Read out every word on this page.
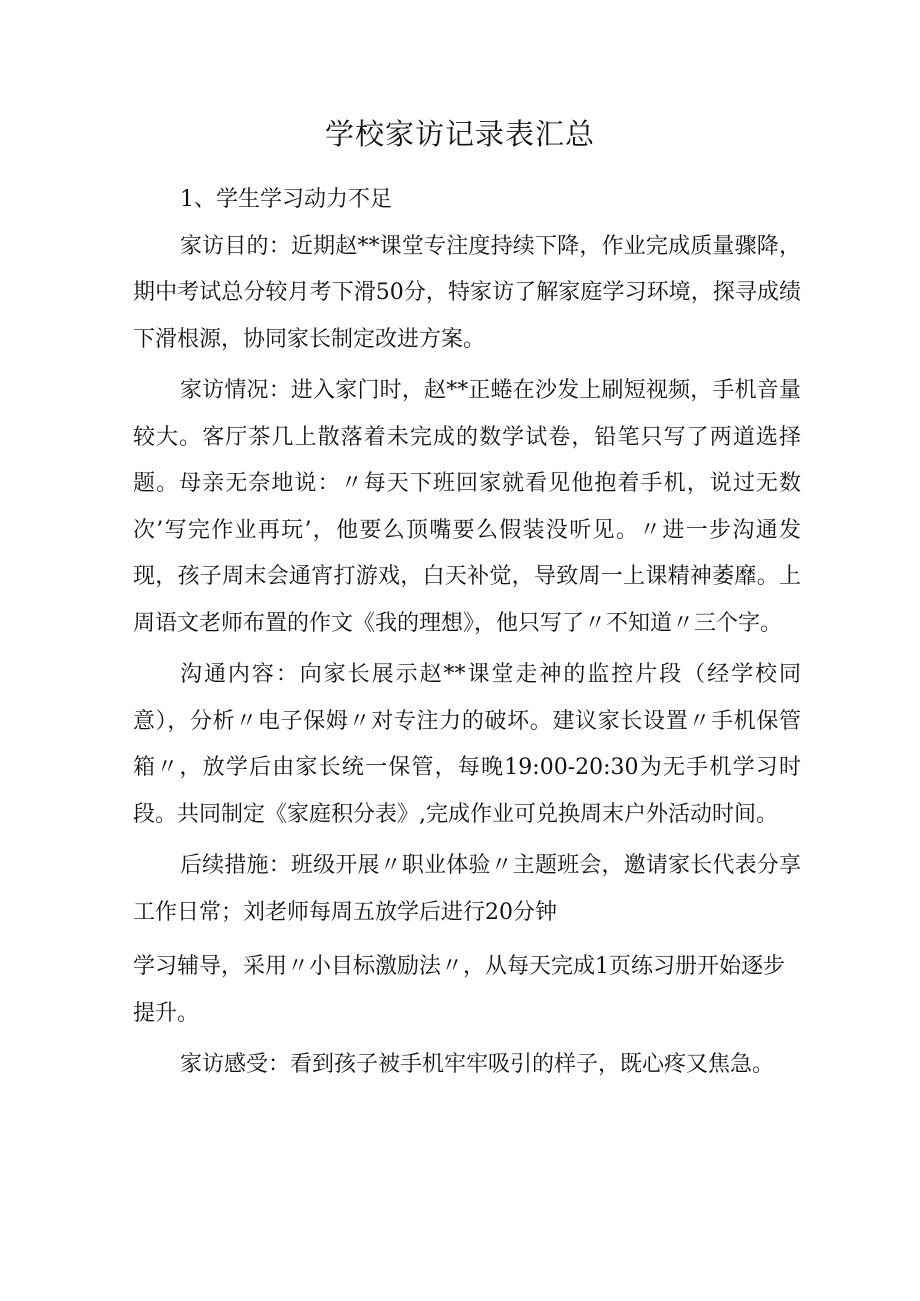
学校家访记录表汇总

1、学生学习动力不足

家访目的：近期赵**课堂专注度持续下降，作业完成质量骤降，期中考试总分较月考下滑50分，特家访了解家庭学习环境，探寻成绩下滑根源，协同家长制定改进方案。

家访情况：进入家门时，赵**正蜷在沙发上刷短视频，手机音量较大。客厅茶几上散落着未完成的数学试卷，铅笔只写了两道选择题。母亲无奈地说：〃每天下班回家就看见他抱着手机，说过无数次’写完作业再玩’，他要么顶嘴要么假装没听见。〃进一步沟通发现，孩子周末会通宵打游戏，白天补觉，导致周一上课精神萎靡。上周语文老师布置的作文《我的理想》，他只写了〃不知道〃三个字。

沟通内容：向家长展示赵**课堂走神的监控片段（经学校同意），分析〃电子保姆〃对专注力的破坏。建议家长设置〃手机保管箱〃，放学后由家长统一保管，每晚19:00-20:30为无手机学习时段。共同制定《家庭积分表》,完成作业可兑换周末户外活动时间。

后续措施：班级开展〃职业体验〃主题班会，邀请家长代表分享工作日常；刘老师每周五放学后进行20分钟

学习辅导，采用〃小目标激励法〃，从每天完成1页练习册开始逐步提升。

家访感受：看到孩子被手机牢牢吸引的样子，既心疼又焦急。
